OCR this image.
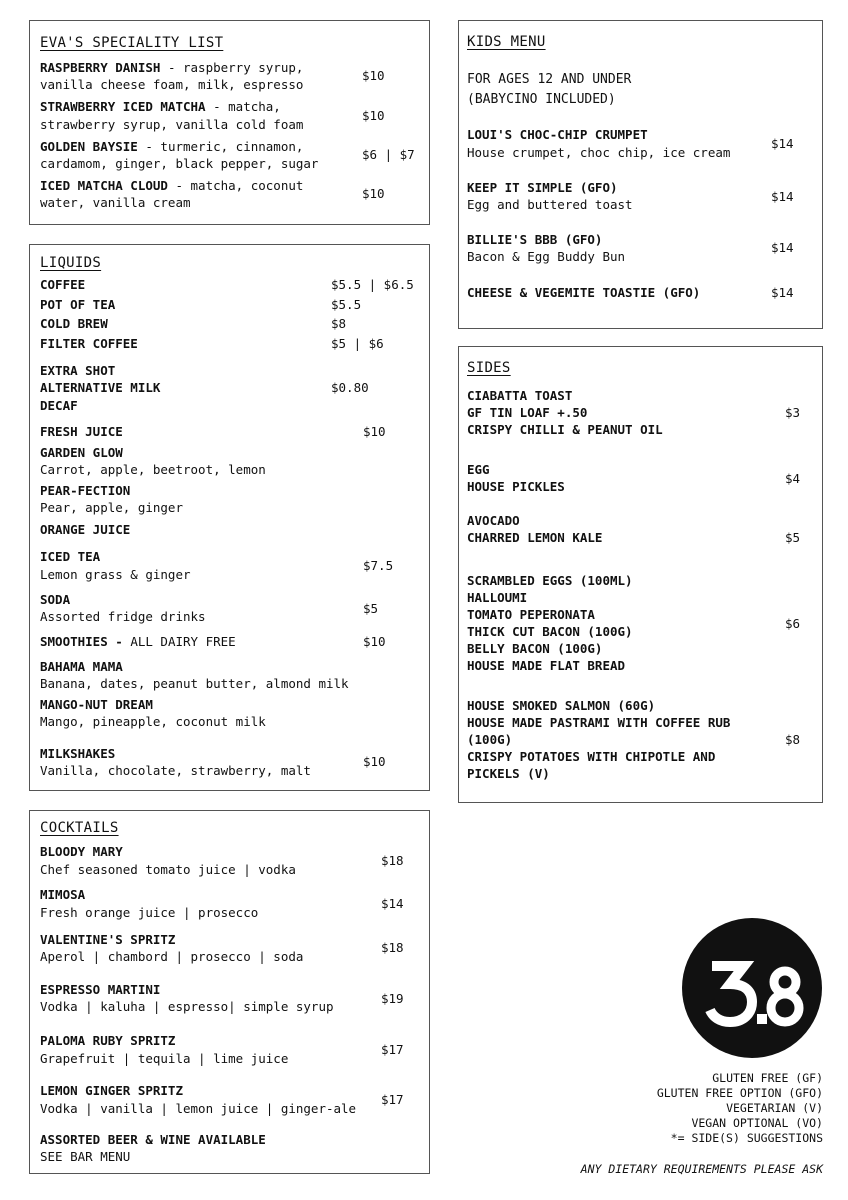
EVA'S SPECIALITY LIST
RASPBERRY DANISH - raspberry syrup,
vanilla cheese foam, milk, espresso
$10
STRAWBERRY ICED MATCHA - matcha,
strawberry syrup, vanilla cold foam
$10
GOLDEN BAYSIE - turmeric, cinnamon,
cardamom, ginger, black pepper, sugar
$6 | $7
ICED MATCHA CLOUD - matcha, coconut
water, vanilla cream
$10
LIQUIDS
COFFEE	$5.5 | $6.5
POT OF TEA	$5.5
COLD BREW	$8
FILTER COFFEE	$5 | $6
EXTRA SHOT
ALTERNATIVE MILK	$0.80
DECAF
FRESH JUICE	$10
GARDEN GLOW
Carrot, apple, beetroot, lemon
PEAR-FECTION
Pear, apple, ginger
ORANGE JUICE
ICED TEA
Lemon grass & ginger
$7.5
SODA
Assorted fridge drinks
$5
SMOOTHIES - ALL DAIRY FREE	$10
BAHAMA MAMA
Banana, dates, peanut butter, almond milk
MANGO-NUT DREAM
Mango, pineapple, coconut milk
MILKSHAKES
Vanilla, chocolate, strawberry, malt
$10
COCKTAILS
BLOODY MARY
Chef seasoned tomato juice | vodka
$18
MIMOSA
Fresh orange juice | prosecco
$14
VALENTINE'S SPRITZ
Aperol | chambord | prosecco | soda
$18
ESPRESSO MARTINI
Vodka | kaluha | espresso| simple syrup
$19
PALOMA RUBY SPRITZ
Grapefruit | tequila | lime juice
$17
LEMON GINGER SPRITZ
Vodka | vanilla | lemon juice | ginger-ale
$17
ASSORTED BEER & WINE AVAILABLE
SEE BAR MENU
KIDS MENU
FOR AGES 12 AND UNDER
(BABYCINO INCLUDED)
LOUI'S CHOC-CHIP CRUMPET
House crumpet, choc chip, ice cream
$14
KEEP IT SIMPLE (GFO)
Egg and buttered toast
$14
BILLIE'S BBB (GFO)
Bacon & Egg Buddy Bun
$14
CHEESE & VEGEMITE TOASTIE (GFO)	$14
SIDES
CIABATTA TOAST
GF TIN LOAF +.50
CRISPY CHILLI & PEANUT OIL
$3
EGG
HOUSE PICKLES
$4
AVOCADO
CHARRED LEMON KALE	$5
SCRAMBLED EGGS (100ML)
HALLOUMI
TOMATO PEPERONATA
THICK CUT BACON (100G)
BELLY BACON (100G)
HOUSE MADE FLAT BREAD
$6
HOUSE SMOKED SALMON (60G)
HOUSE MADE PASTRAMI WITH COFFEE RUB
(100G)
CRISPY POTATOES WITH CHIPOTLE AND
PICKELS (V)
$8
GLUTEN FREE (GF)
GLUTEN FREE OPTION (GFO)
VEGETARIAN (V)
VEGAN OPTIONAL (VO)
*= SIDE(S) SUGGESTIONS
ANY DIETARY REQUIREMENTS PLEASE ASK
